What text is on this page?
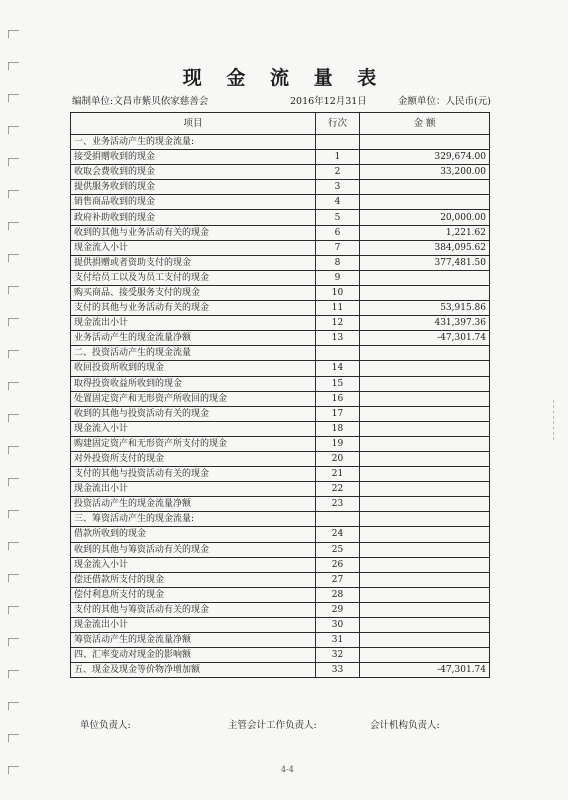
现 金 流 量 表
编制单位:文昌市紫贝依家慈善会	2016年12月31日	金额单位：人民币(元)
项目	行次	金 额
一、业务活动产生的现金流量:		
接受捐赠收到的现金	1	329,674.00
收取会费收到的现金	2	33,200.00
提供服务收到的现金	3	
销售商品收到的现金	4	
政府补助收到的现金	5	20,000.00
收到的其他与业务活动有关的现金	6	1,221.62
现金流入小计	7	384,095.62
提供捐赠或者资助支付的现金	8	377,481.50
支付给员工以及为员工支付的现金	9	
购买商品、接受服务支付的现金	10	
支付的其他与业务活动有关的现金	11	53,915.86
现金流出小计	12	431,397.36
业务活动产生的现金流量净额	13	-47,301.74
二、投资活动产生的现金流量		
收回投资所收到的现金	14	
取得投资收益所收到的现金	15	
处置固定资产和无形资产所收回的现金	16	
收到的其他与投资活动有关的现金	17	
现金流入小计	18	
购建固定资产和无形资产所支付的现金	19	
对外投资所支付的现金	20	
支付的其他与投资活动有关的现金	21	
现金流出小计	22	
投资活动产生的现金流量净额	23	
三、筹资活动产生的现金流量:		
借款所收到的现金	24	
收到的其他与筹资活动有关的现金	25	
现金流入小计	26	
偿还借款所支付的现金	27	
偿付利息所支付的现金	28	
支付的其他与筹资活动有关的现金	29	
现金流出小计	30	
筹资活动产生的现金流量净额	31	
四、汇率变动对现金的影响额	32	
五、现金及现金等价物净增加额	33	-47,301.74
单位负责人:	主管会计工作负责人:	会计机构负责人:
4-4
